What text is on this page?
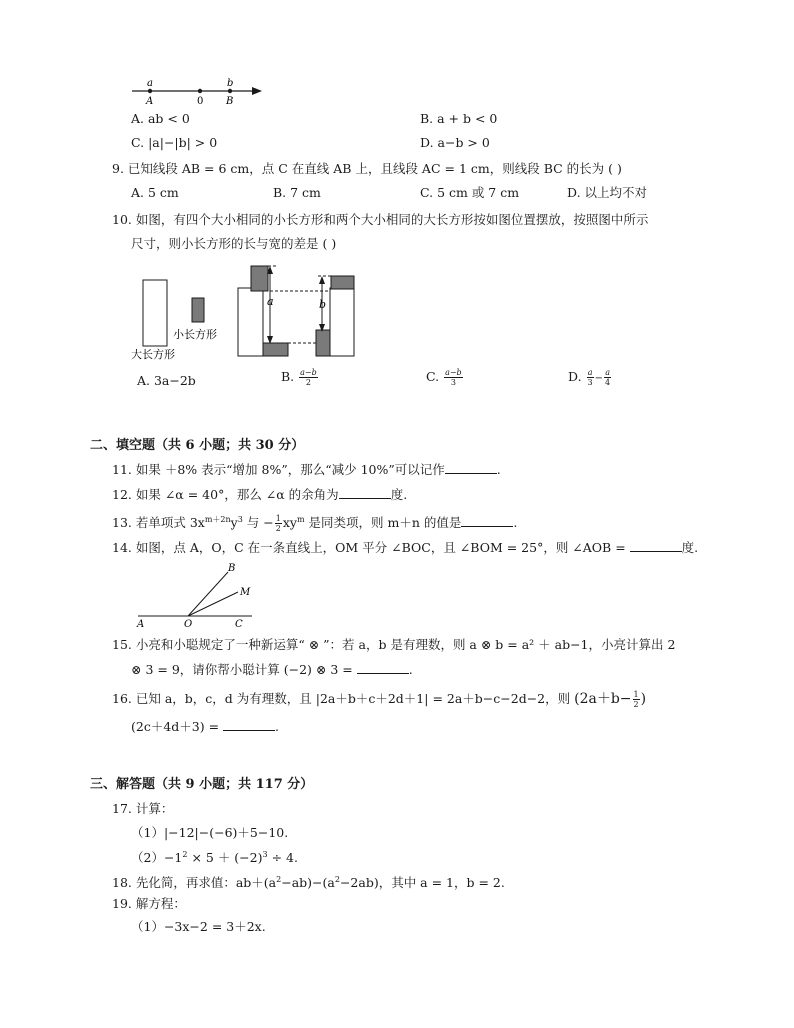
a
A	0
b
B
A. ab < 0	B. a + b < 0
C. |a|−|b| > 0	D. a−b > 0
9. 已知线段 AB = 6 cm，点 C 在直线 AB 上，且线段 AC = 1 cm，则线段 BC 的长为 ( )
A. 5 cm	B. 7 cm	C. 5 cm 或 7 cm	D. 以上均不对
10. 如图，有四个大小相同的小长方形和两个大小相同的大长方形按如图位置摆放，按照图中所示
尺寸，则小长方形的长与宽的差是 ( )
小长方形
大长方形
a	b
A. 3a−2b	B. $\frac{a-b}{2}$	C. $\frac{a-b}{3}$	D. $\frac{a}{3} - \frac{a}{4}$
二、填空题（共 6 小题；共 30 分）
11. 如果 ＋8% 表示“增加 8%”，那么“减少 10%”可以记作	.
12. 如果 ∠α = 40°，那么 ∠α 的余角为	度.
13. 若单项式 $3x^{m+2n}y^3$ 与 − $\frac{1}{2} xy^m$ 是同类项，则 m＋n 的值是	.
14. 如图，点 A，O，C 在一条直线上，OM 平分 ∠BOC，且 ∠BOM = 25°，则 ∠AOB =	度.
B
M
A	O	C
15. 小亮和小聪规定了一种新运算“ ⊗ ”：若 a，b 是有理数，则 a ⊗ b = a² ＋ ab−1，小亮计算出 2
⊗ 3 = 9，请你帮小聪计算 (−2) ⊗ 3 =	.
16. 已知 a，b，c，d 为有理数，且 |2a＋b＋c＋2d＋1| = 2a＋b−c−2d−2，则 ($2a+b- \frac{1}{2}$ )
(2c＋4d＋3) =	.
三、解答题（共 9 小题；共 117 分）
17. 计算：
（1）|−12|−(−6)＋5−10.
$(2)-1^2 \times 5 + (-2)^3 \div 4$.
18. 先化简，再求值：$ab+(a^2-ab)-(a^2-2ab)$，其中 a = 1，b = 2.
19. 解方程：
（1）−3x−2 = 3＋2x.
